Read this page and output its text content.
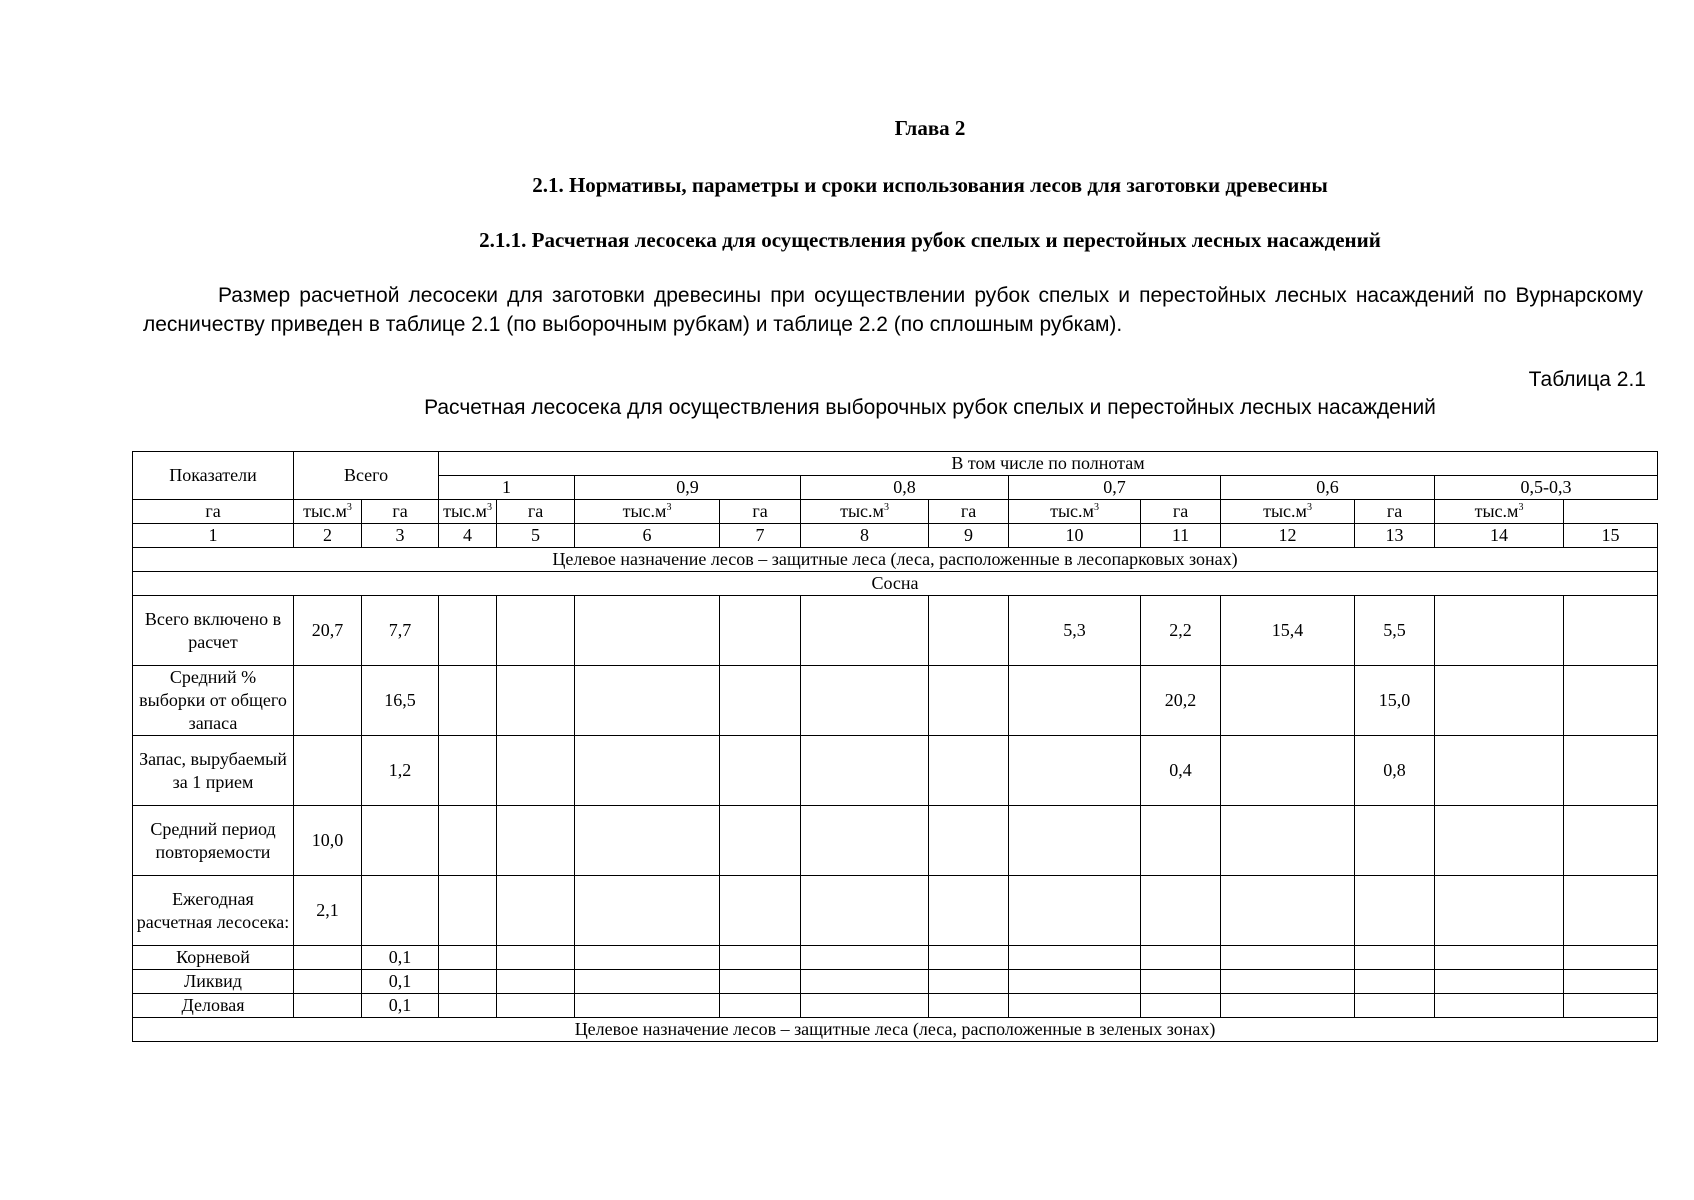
Глава 2
2.1. Нормативы, параметры и сроки использования лесов для заготовки древесины
2.1.1. Расчетная лесосека для осуществления рубок спелых и перестойных лесных насаждений
Размер расчетной лесосеки для заготовки древесины при осуществлении рубок спелых и перестойных лесных насаждений по Вурнарскому лесничеству приведен в таблице 2.1 (по выборочным рубкам) и таблице 2.2 (по сплошным рубкам).
Таблица 2.1
Расчетная лесосека для осуществления выборочных рубок спелых и перестойных лесных насаждений
Показатели	Всего		В том числе по полнотам											
			1		0,9		0,8		0,7		0,6		0,5-0,3	
га	$тыс.м^3$	га	$тыс.м^3$	га	$тыс.м^3$	га	$тыс.м^3$	га	$тыс.м^3$	га	$тыс.м^3$	га	$тыс.м^3$
1	2	3	4	5	6	7	8	9	10	11	12	13	14	15
Целевое назначение лесов – защитные леса (леса, расположенные в лесопарковых зонах)														
Сосна														
Всего включено в расчет	20,7	7,7							5,3	2,2	15,4	5,5		
Средний % выборки от общего запаса		16,5								20,2		15,0		
Запас, вырубаемый за 1 прием		1,2								0,4		0,8		
Средний период повторяемости	10,0													
Ежегодная расчетная лесосека:	2,1													
Корневой		0,1												
Ликвид		0,1												
Деловая		0,1												
Целевое назначение лесов – защитные леса (леса, расположенные в зеленых зонах)														
